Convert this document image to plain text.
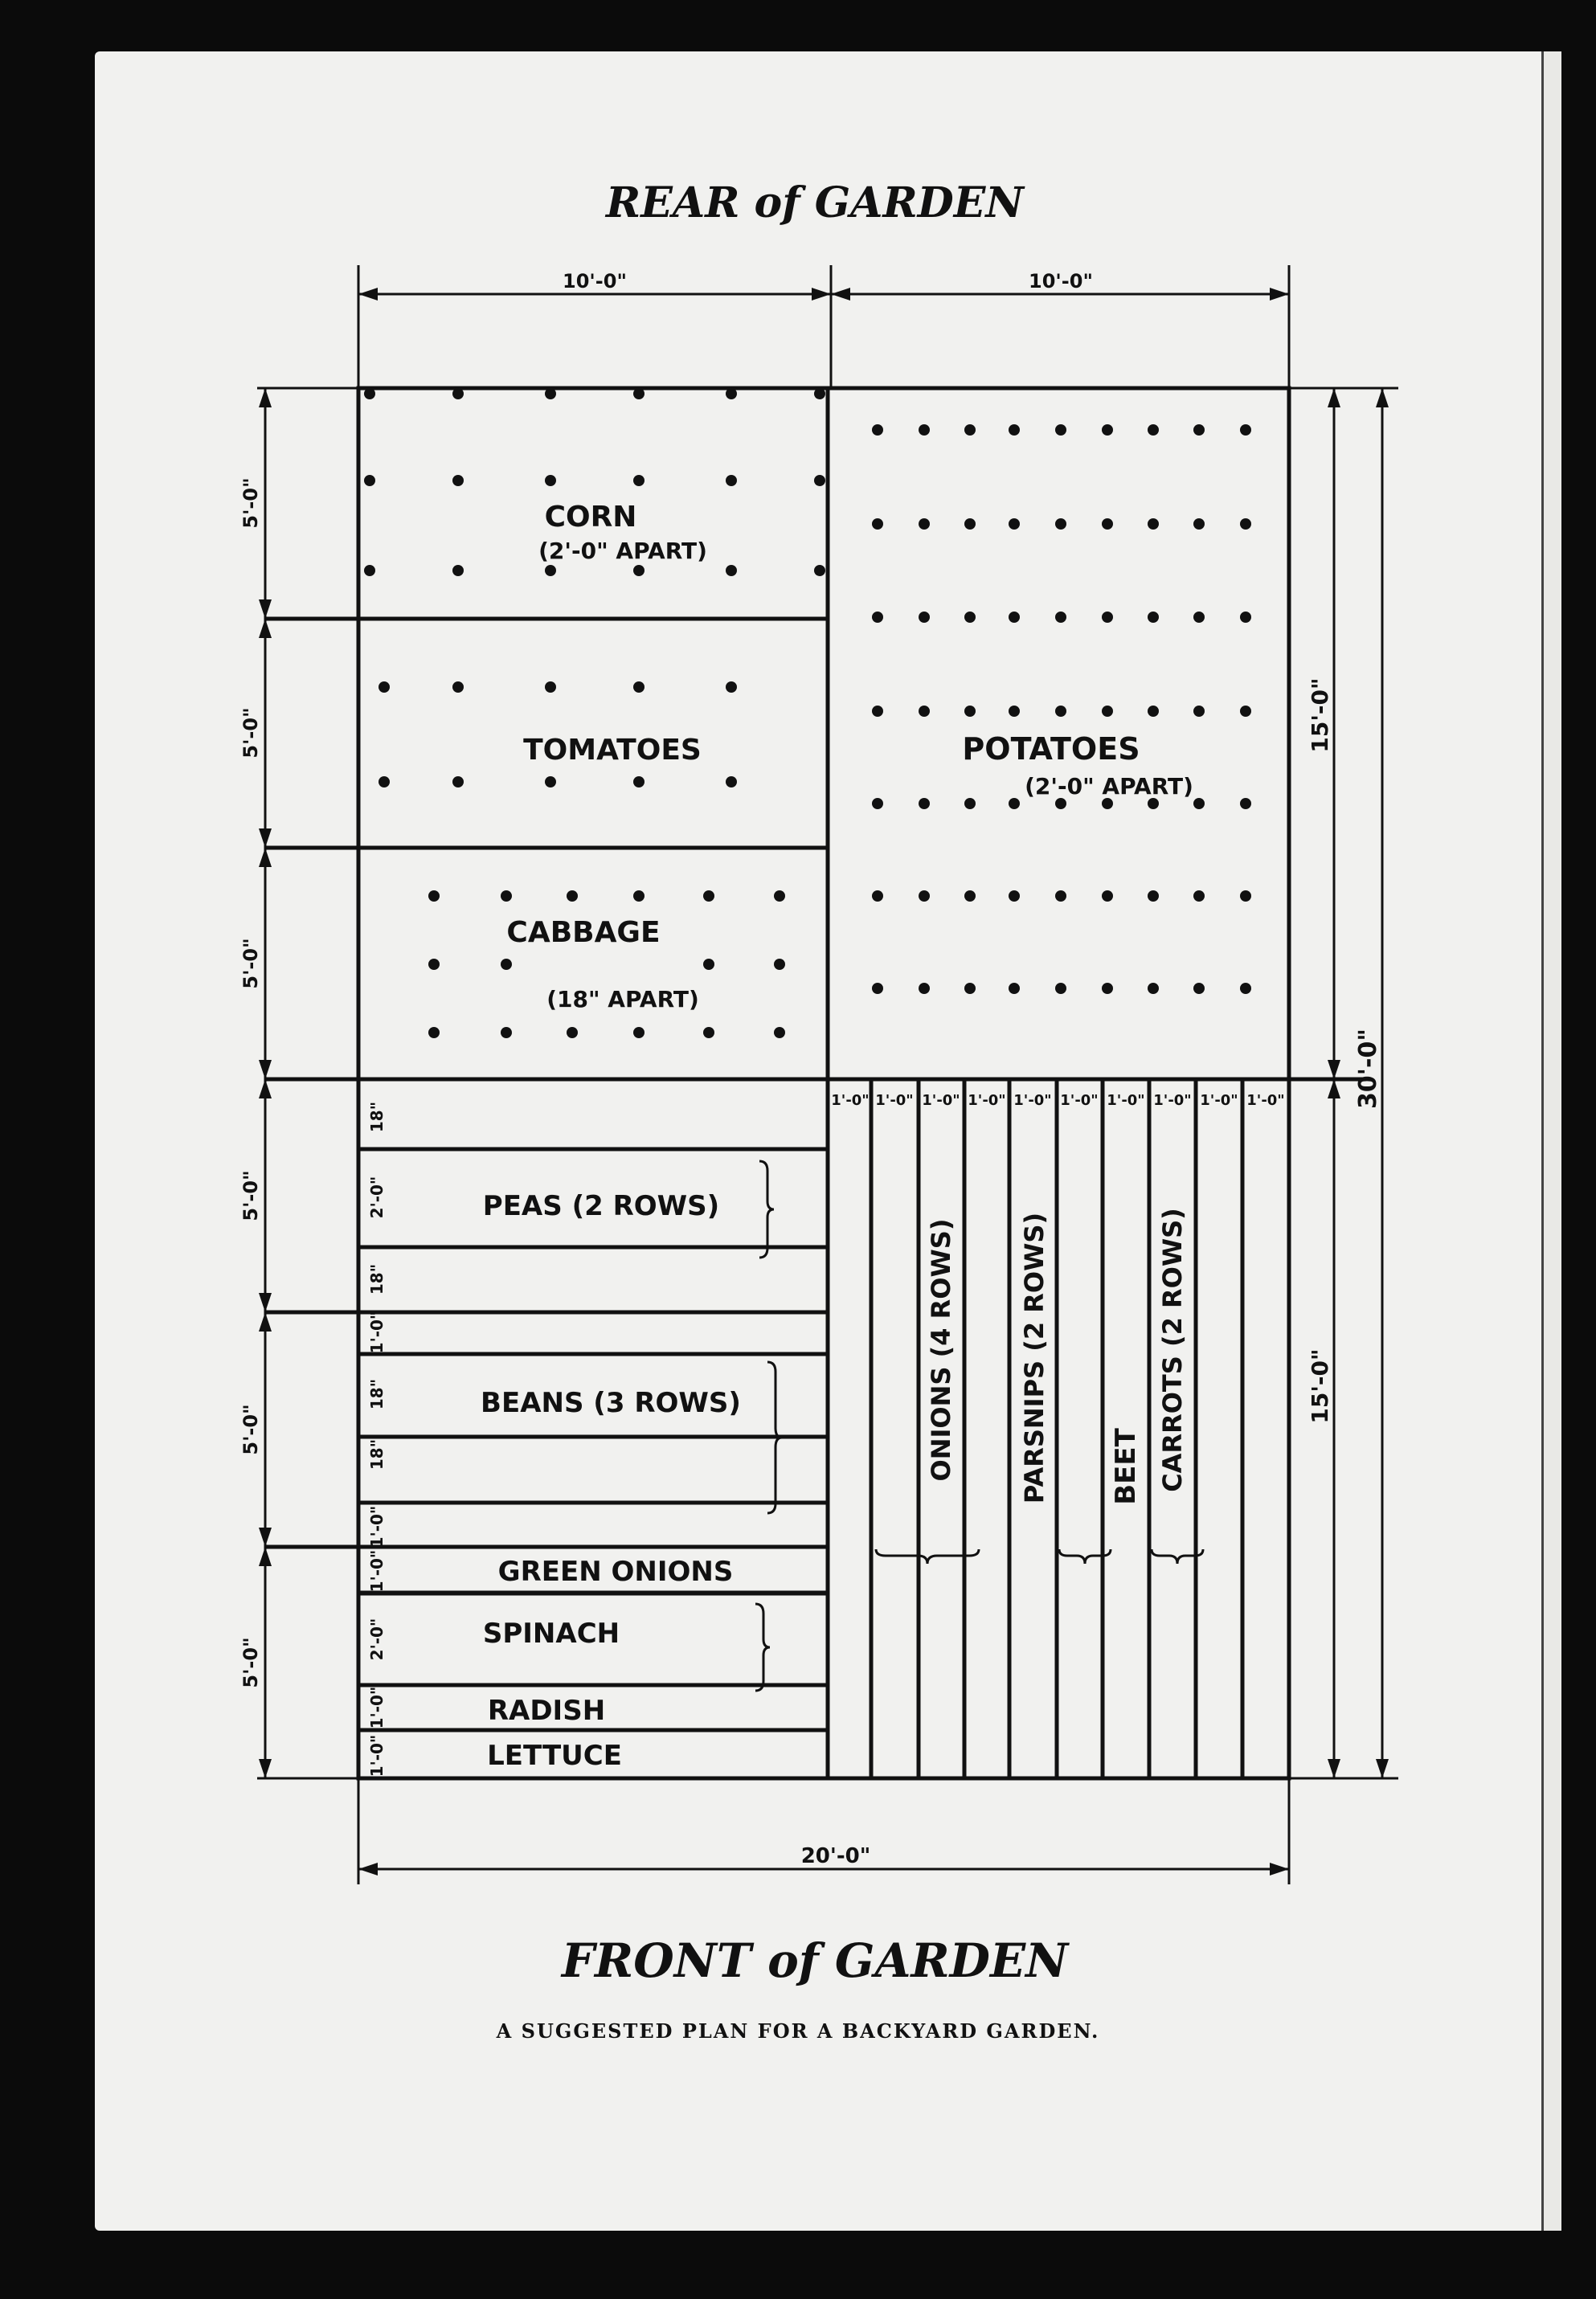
REAR of GARDEN
FRONT of GARDEN
10'-0"	10'-0"
20'-0"
15'-0"
15'-0"
30'-0"
5'-0"
5'-0"
5'-0"
5'-0"
5'-0"
5'-0"
CORN
(2'-0" APART)
TOMATOES
CABBAGE
(18" APART)
POTATOES
(2'-0" APART)
PEAS (2 ROWS)
BEANS (3 ROWS)
GREEN ONIONS
SPINACH
RADISH
LETTUCE
ONIONS (4 ROWS) PARSNIPS (2 ROWS) BEET CARROTS (2 ROWS)
18"
2'-0"
18"
1'-0"
18"
18"
1'-0"
1'-0"
2'-0"
1'-0"
1'-0"
1'-0" 1'-0" 1'-0" 1'-0" 1'-0" 1'-0" 1'-0" 1'-0" 1'-0" 1'-0"
A SUGGESTED PLAN FOR A BACKYARD GARDEN.
